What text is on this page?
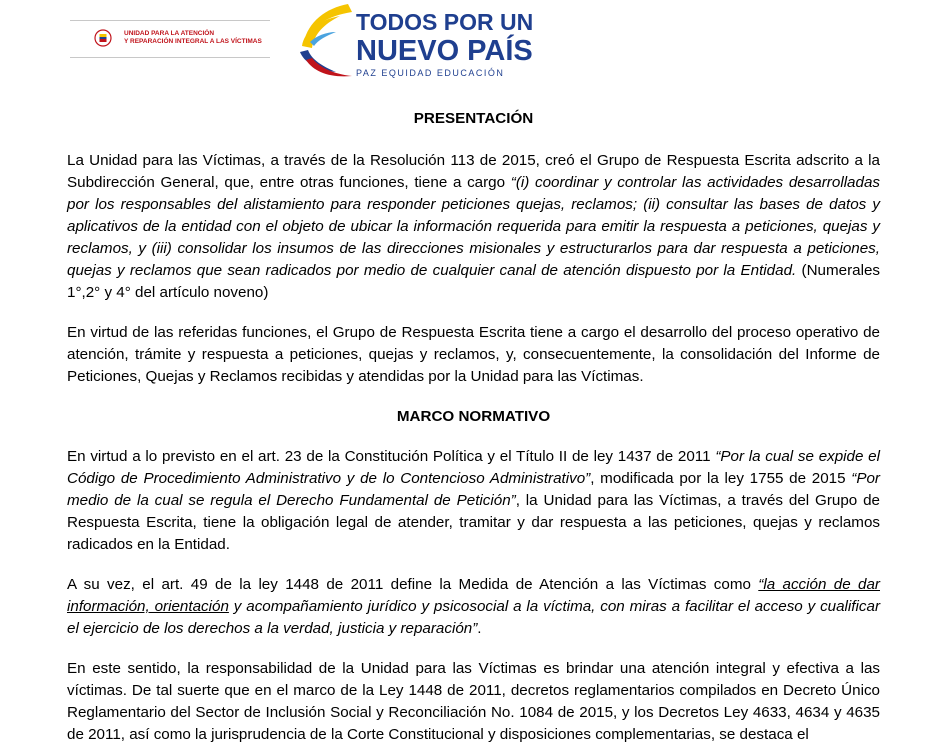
UNIDAD PARA LA ATENCIÓN
Y REPARACIÓN INTEGRAL A LAS VÍCTIMAS
TODOS POR UN
NUEVO PAÍS
PAZ EQUIDAD EDUCACIÓN
PRESENTACIÓN

La Unidad para las Víctimas, a través de la Resolución 113 de 2015, creó el Grupo de Respuesta Escrita adscrito a la Subdirección General, que, entre otras funciones, tiene a cargo “(i) coordinar y controlar las actividades desarrolladas por los responsables del alistamiento para responder peticiones quejas, reclamos; (ii) consultar las bases de datos y aplicativos de la entidad con el objeto de ubicar la información requerida para emitir la respuesta a peticiones, quejas y reclamos, y (iii) consolidar los insumos de las direcciones misionales y estructurarlos para dar respuesta a peticiones, quejas y reclamos que sean radicados por medio de cualquier canal de atención dispuesto por la Entidad. (Numerales 1°,2° y 4° del artículo noveno)

En virtud de las referidas funciones, el Grupo de Respuesta Escrita tiene a cargo el desarrollo del proceso operativo de atención, trámite y respuesta a peticiones, quejas y reclamos, y, consecuentemente, la consolidación del Informe de Peticiones, Quejas y Reclamos recibidas y atendidas por la Unidad para las Víctimas.

MARCO NORMATIVO

En virtud a lo previsto en el art. 23 de la Constitución Política y el Título II de ley 1437 de 2011 “Por la cual se expide el Código de Procedimiento Administrativo y de lo Contencioso Administrativo”, modificada por la ley 1755 de 2015 “Por medio de la cual se regula el Derecho Fundamental de Petición”, la Unidad para las Víctimas, a través del Grupo de Respuesta Escrita, tiene la obligación legal de atender, tramitar y dar respuesta a las peticiones, quejas y reclamos radicados en la Entidad.

A su vez, el art. 49 de la ley 1448 de 2011 define la Medida de Atención a las Víctimas como “la acción de dar información, orientación y acompañamiento jurídico y psicosocial a la víctima, con miras a facilitar el acceso y cualificar el ejercicio de los derechos a la verdad, justicia y reparación”.

En este sentido, la responsabilidad de la Unidad para las Víctimas es brindar una atención integral y efectiva a las víctimas. De tal suerte que en el marco de la Ley 1448 de 2011, decretos reglamentarios compilados en Decreto Único Reglamentario del Sector de Inclusión Social y Reconciliación No. 1084 de 2015, y los Decretos Ley 4633, 4634 y 4635 de 2011, así como la jurisprudencia de la Corte Constitucional y disposiciones complementarias, se destaca el
